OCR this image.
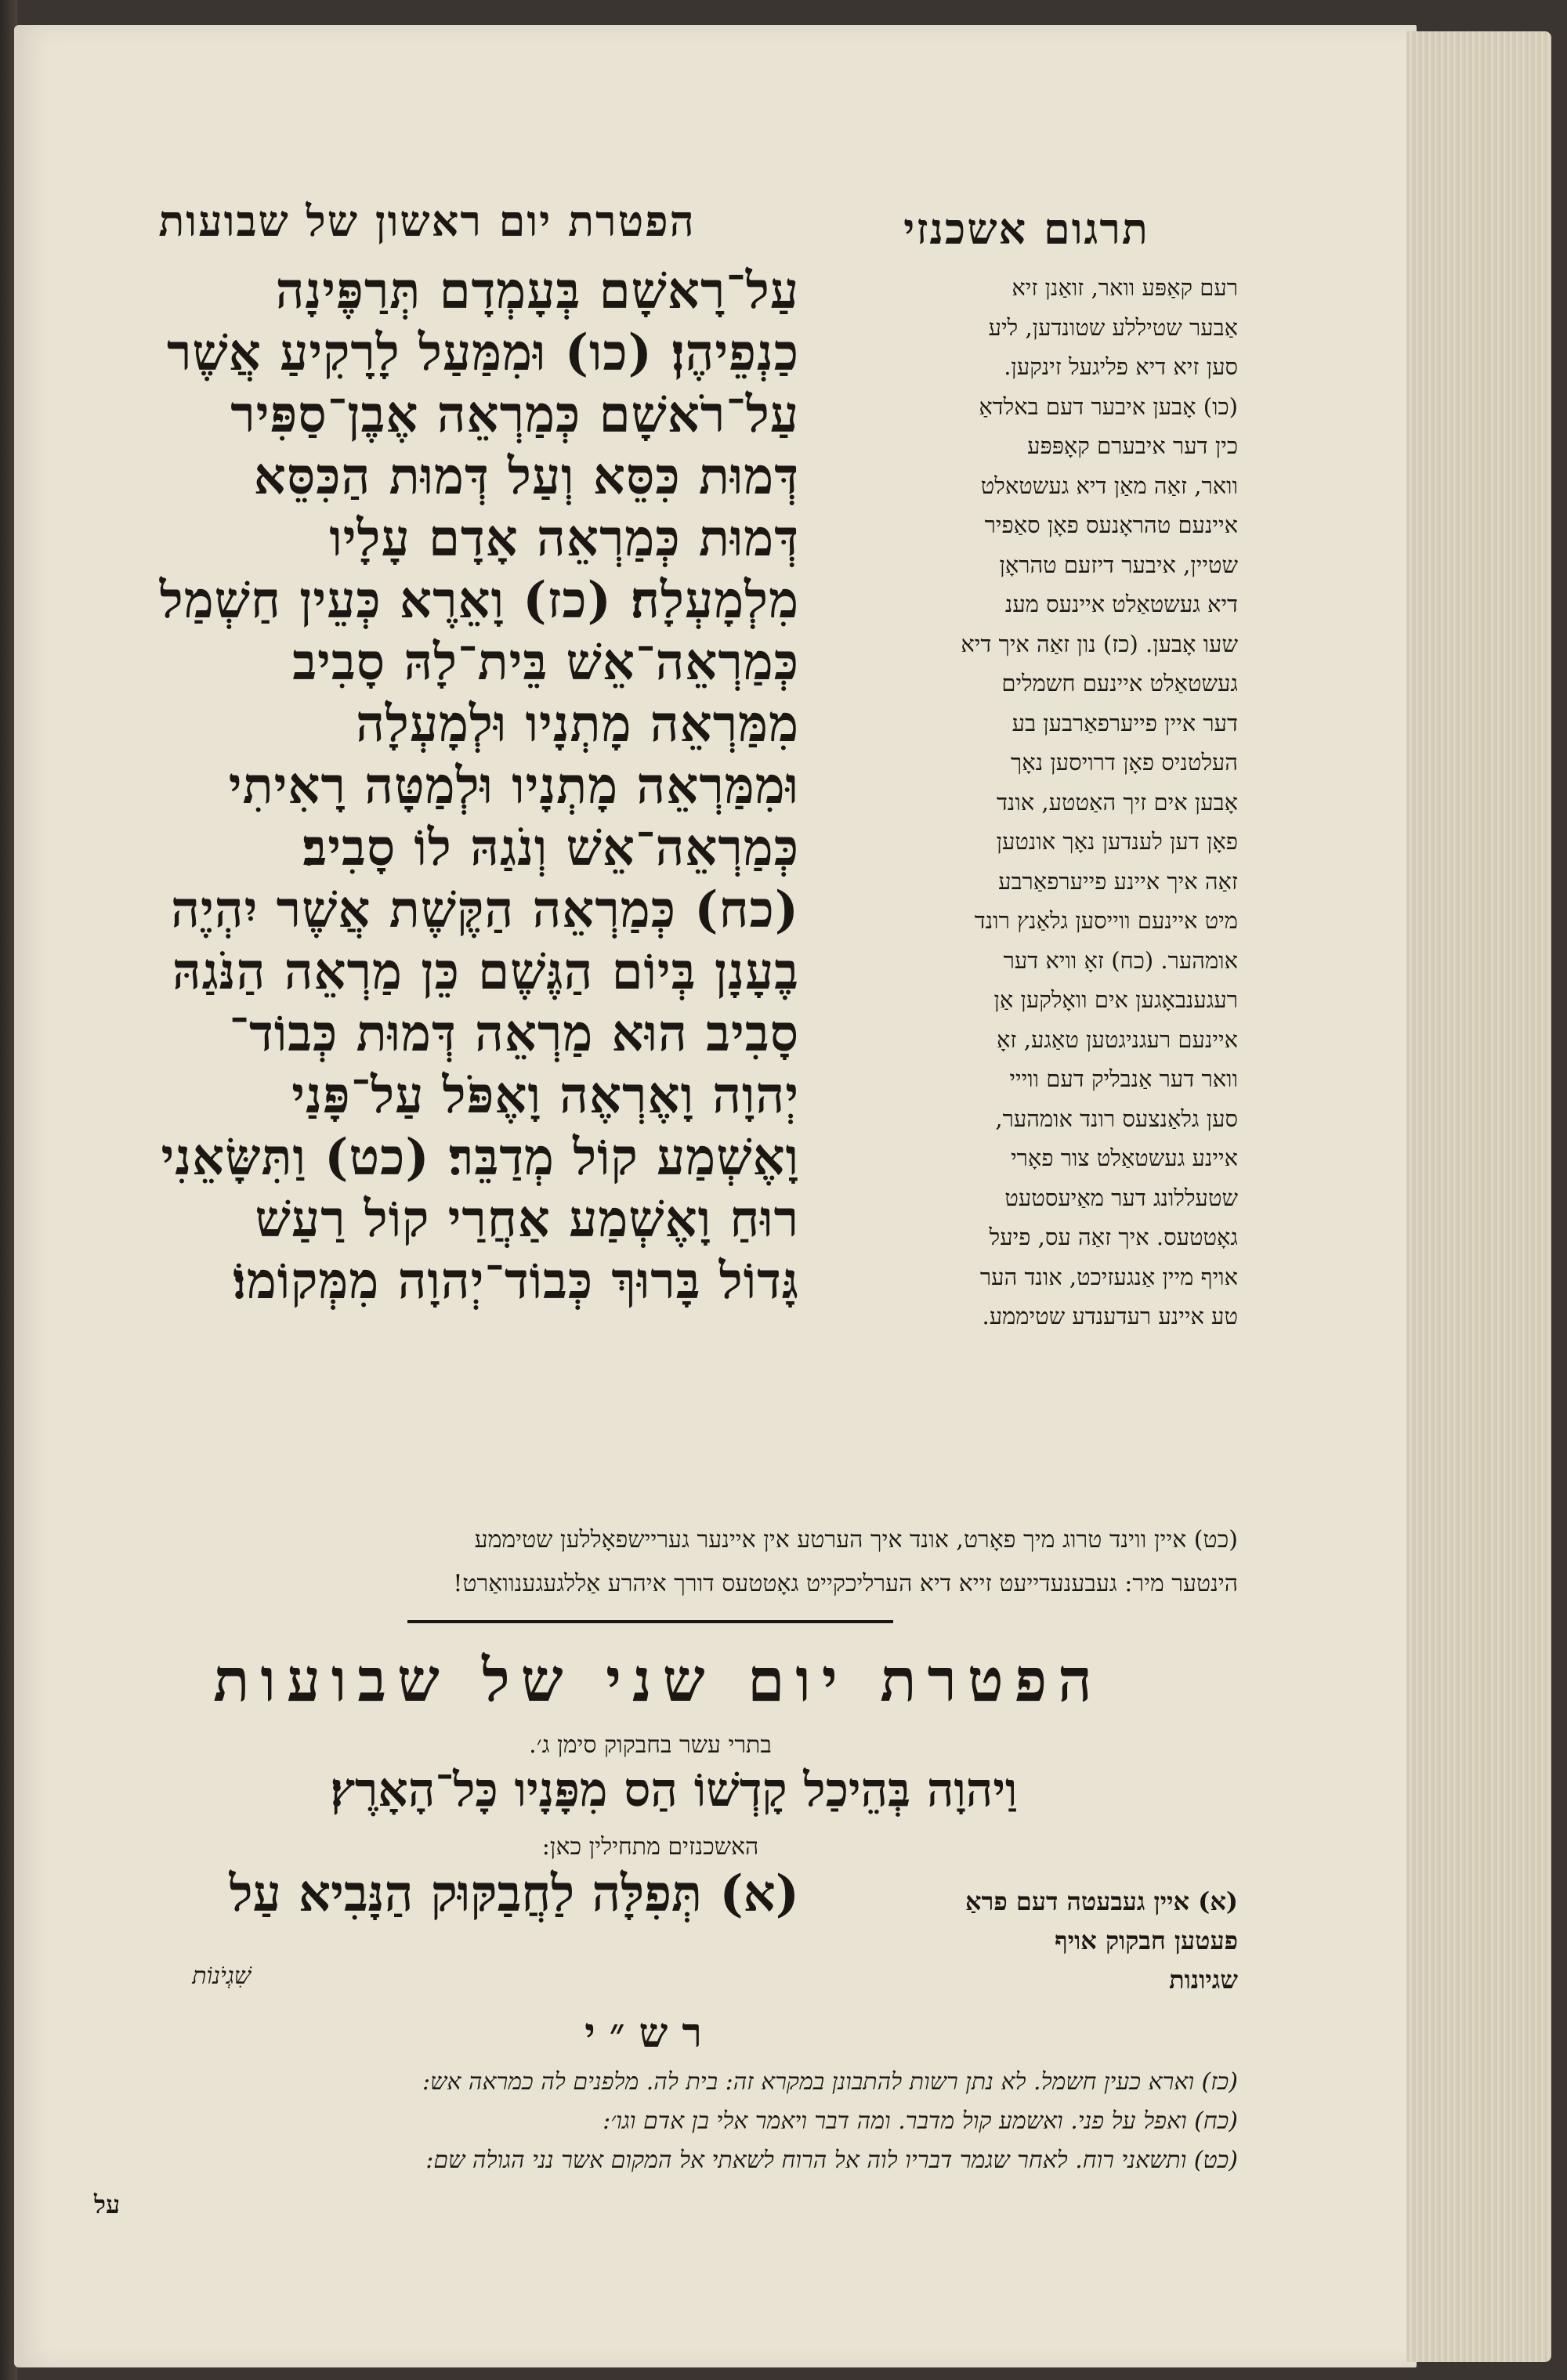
תרגום אשכנזי
רעם קאַפּע וואר, זואַנן זיא
אַבער שטיללע שטונדען, ליע
סען זיא דיא פליגעל זינקען.
(כו) אָבען איבער דעם באלדאַ
כין דער איבערם קאָפּפּע
וואר, זאַה מאַן דיא געשטאלט
איינעם טהראָנעס פאָן סאַפיר
שטיין, איבער דיזעם טהראָן
דיא געשטאַלט איינעס מענ
שעו אָבען. (כז) נון זאַה איך דיא
געשטאַלט איינעם חשמלים
דער איין פייערפאַרבען בע
העלטניס פאָן דרויסען נאָך
אָבען אים זיך האַטטע, אונד
פאָן דען לענדען נאָך אונטען
זאַה איך איינע פייערפאַרבע
מיט איינעם ווייסען גלאַנץ רונד
אומהער. (כח) זאָ וויא דער
רעגענבאָגען אים וואָלקען אַן
איינעם רעגניגטען טאַגע, זאָ
וואר דער אַנבליק דעם ווייי
סען גלאַנצעס רונד אומהער,
איינע געשטאַלט צור פאָרי
שטעללונג דער מאַיעסטעט
גאָטטעס. איך זאַה עס, פיעל
אויף מיין אַנגעזיכט, אונד הער
טע איינע רעדענדע שטיממע.
הפטרת יום ראשון של שבועות
עַל־רָאשָׁם בְּעָמְדָם תְּרַפֶּינָה
כַנְפֵיהֶן׃ (כו) וּמִמַּעַל לָרָקִיעַ אֲשֶׁר
עַל־רֹאשָׁם כְּמַרְאֵה אֶבֶן־סַפִּיר
דְּמוּת כִּסֵּא וְעַל דְּמוּת הַכִּסֵּא
דְּמוּת כְּמַרְאֵה אָדָם עָלָיו
מִלְמָעְלָה׃ (כז) וָאֵרֶא כְּעֵין חַשְׁמַל
כְּמַרְאֵה־אֵשׁ בֵּית־לָהּ סָבִיב
מִמַּרְאֵה מָתְנָיו וּלְמָעְלָה
וּמִמַּרְאֵה מָתְנָיו וּלְמַטָּה רָאִיתִי
כְּמַרְאֵה־אֵשׁ וְנֹגַהּ לוֹ סָבִיב׃
(כח) כְּמַרְאֵה הַקֶּשֶׁת אֲשֶׁר יִהְיֶה
בֶעָנָן בְּיוֹם הַגֶּשֶׁם כֵּן מַרְאֵה הַנֹּגַהּ
סָבִיב הוּא מַרְאֵה דְּמוּת כְּבוֹד־
יְהוָה וָאֶרְאֶה וָאֶפֹּל עַל־פָּנַי
וָאֶשְׁמַע קוֹל מְדַבֵּר׃ (כט) וַתִּשָּׂאֵנִי
רוּחַ וָאֶשְׁמַע אַחֲרַי קוֹל רַעַשׁ
גָּדוֹל בָּרוּךְ כְּבוֹד־יְהוָה מִמְּקוֹמוֹ׃
(כט) איין ווינד טרוג מיך פאָרט, אונד איך הערטע אין איינער געריישפאָללען שטיממע
הינטער מיר: געבענעדייעט זייא דיא הערליכקייט גאָטטעס דורך איהרע אַללגעגענוואַרט!
הפטרת יום שני של שבועות
בתרי עשר בחבקוק סימן ג׳.
וַיהוָה בְּהֵיכַל קָדְשׁוֹ הַס מִפָּנָיו כָּל־הָאָרֶץ׃
האשכנזים מתחילין כאן:
(א) תְּפִלָּה לַחֲבַקּוּק הַנָּבִיא עַל
שִׁגְיֹנוֹת
(א) איין געבעטה דעם פראַ
פעטען חבקוק אויף
שגיונות
רש״י
(כז) וארא כעין חשמל. לא נתן רשות להתבונן במקרא זה: בית לה. מלפנים לה כמראה אש:
(כח) ואפל על פני. ואשמע קול מדבר. ומה דבר ויאמר אלי בן אדם וגו׳:
(כט) ותשאני רוח. לאחר שגמר דבריו לוה אל הרוח לשאתי אל המקום אשר נני הגולה שם:
על
